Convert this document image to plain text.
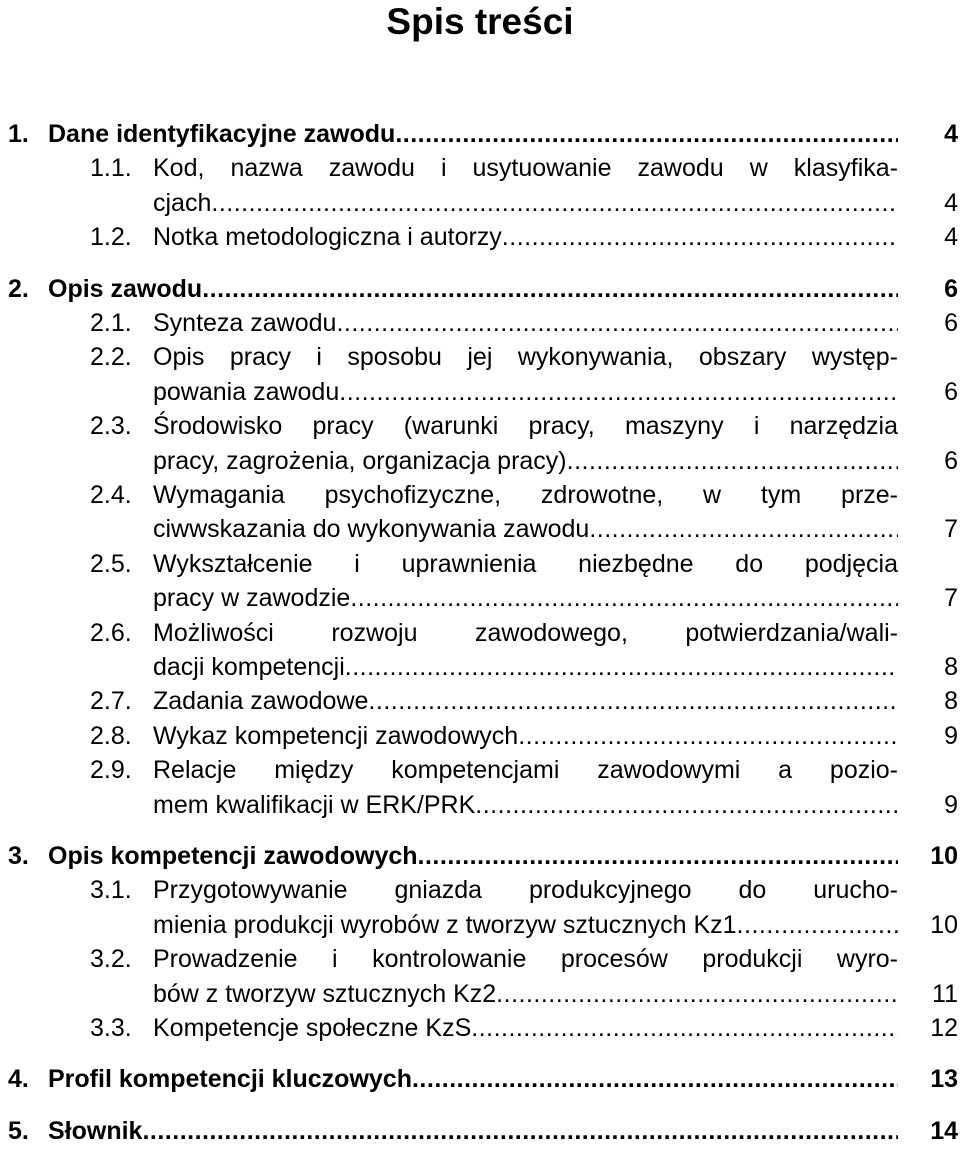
Spis treści
1. Dane identyfikacyjne zawodu .....	4
1.1. Kod, nazwa zawodu i usytuowanie zawodu w klasyfika-
cjach .....	4
1.2. Notka metodologiczna i autorzy .....	4
2. Opis zawodu .....	6
2.1. Synteza zawodu .....	6
2.2. Opis pracy i sposobu jej wykonywania, obszary występ-
powania zawodu .....	6
2.3. Środowisko pracy (warunki pracy, maszyny i narzędzia
pracy, zagrożenia, organizacja pracy) .....	6
2.4. Wymagania psychofizyczne, zdrowotne, w tym prze-
ciwwskazania do wykonywania zawodu .....	7
2.5. Wykształcenie i uprawnienia niezbędne do podjęcia
pracy w zawodzie .....	7
2.6. Możliwości rozwoju zawodowego, potwierdzania/wali-
dacji kompetencji .....	8
2.7. Zadania zawodowe .....	8
2.8. Wykaz kompetencji zawodowych .....	9
2.9. Relacje między kompetencjami zawodowymi a pozio-
mem kwalifikacji w ERK/PRK .....	9
3. Opis kompetencji zawodowych .....	10
3.1. Przygotowywanie gniazda produkcyjnego do urucho-
mienia produkcji wyrobów z tworzyw sztucznych Kz1 .....	10
3.2. Prowadzenie i kontrolowanie procesów produkcji wyro-
bów z tworzyw sztucznych Kz2 .....	11
3.3. Kompetencje społeczne KzS .....	12
4. Profil kompetencji kluczowych .....	13
5. Słownik .....	14
